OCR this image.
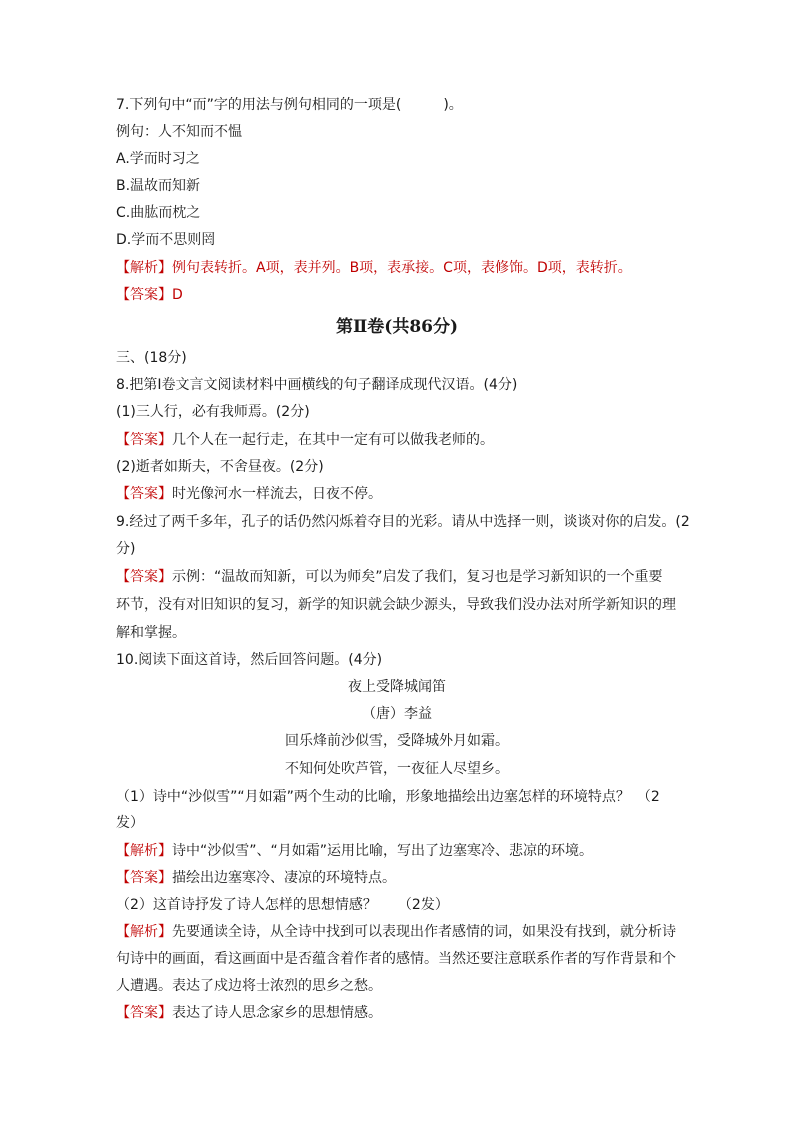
7.下列句中“而”字的用法与例句相同的一项是(　　　)。
例句：人不知而不愠
A.学而时习之
B.温故而知新
C.曲肱而枕之
D.学而不思则罔
【解析】例句表转折。A项，表并列。B项，表承接。C项，表修饰。D项，表转折。
【答案】D
第Ⅱ卷(共86分)
三、(18分)
8.把第Ⅰ卷文言文阅读材料中画横线的句子翻译成现代汉语。(4分)
(1)三人行，必有我师焉。(2分)
【答案】几个人在一起行走，在其中一定有可以做我老师的。
(2)逝者如斯夫，不舍昼夜。(2分)
【答案】时光像河水一样流去，日夜不停。
9.经过了两千多年，孔子的话仍然闪烁着夺目的光彩。请从中选择一则，谈谈对你的启发。(2
分)
【答案】示例：“温故而知新，可以为师矣”启发了我们，复习也是学习新知识的一个重要
环节，没有对旧知识的复习，新学的知识就会缺少源头，导致我们没办法对所学新知识的理
解和掌握。
10.阅读下面这首诗，然后回答问题。(4分)
夜上受降城闻笛
（唐）李益
回乐烽前沙似雪，受降城外月如霜。
不知何处吹芦管，一夜征人尽望乡。
（1）诗中“沙似雪”“月如霜”两个生动的比喻，形象地描绘出边塞怎样的环境特点？　（2
发）
【解析】诗中“沙似雪”、“月如霜”运用比喻，写出了边塞寒冷、悲凉的环境。
【答案】描绘出边塞寒冷、凄凉的环境特点。
（2）这首诗抒发了诗人怎样的思想情感？　　（2发）
【解析】先要通读全诗，从全诗中找到可以表现出作者感情的词，如果没有找到，就分析诗
句诗中的画面，看这画面中是否蕴含着作者的感情。当然还要注意联系作者的写作背景和个
人遭遇。表达了戍边将士浓烈的思乡之愁。
【答案】表达了诗人思念家乡的思想情感。
